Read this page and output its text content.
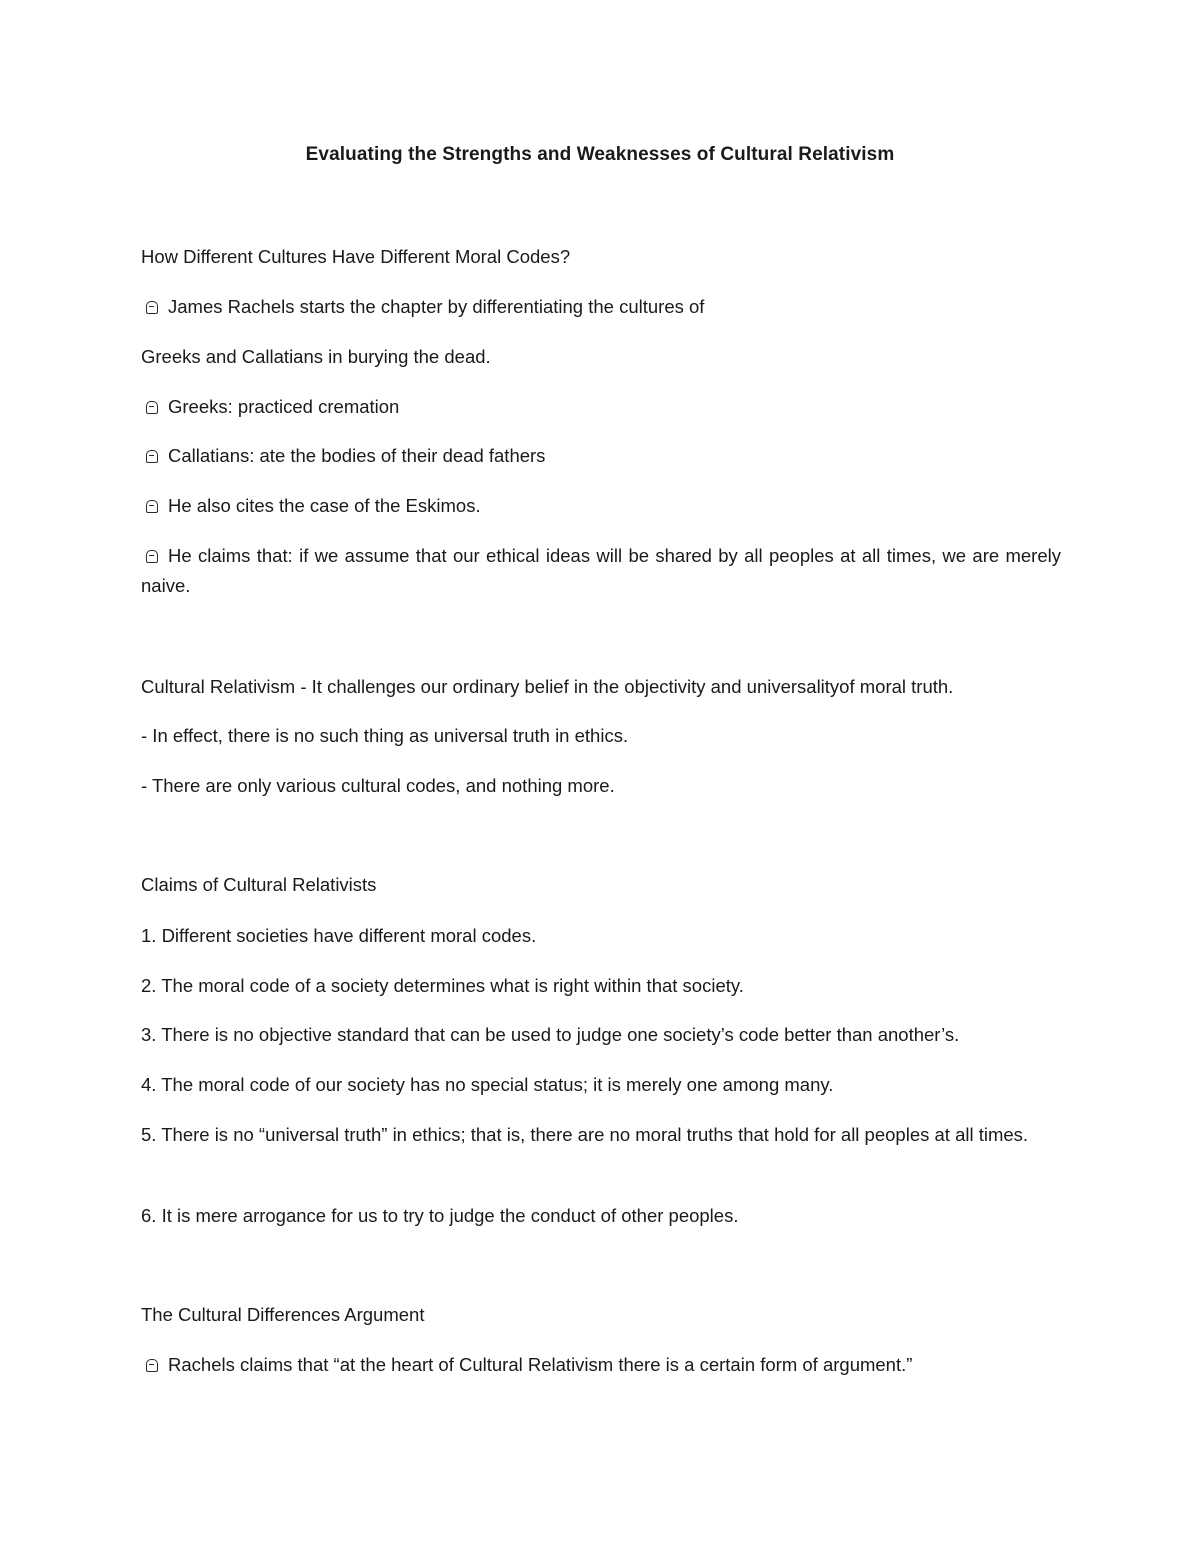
Evaluating the Strengths and Weaknesses of Cultural Relativism
How Different Cultures Have Different Moral Codes?
James Rachels starts the chapter by differentiating the cultures of
Greeks and Callatians in burying the dead.
Greeks: practiced cremation
Callatians: ate the bodies of their dead fathers
He also cites the case of the Eskimos.
He claims that: if we assume that our ethical ideas will be shared by all peoples at all times, we are merely naive.
Cultural Relativism - It challenges our ordinary belief in the objectivity and universalityof moral truth.
- In effect, there is no such thing as universal truth in ethics.
- There are only various cultural codes, and nothing more.
Claims of Cultural Relativists
1. Different societies have different moral codes.
2. The moral code of a society determines what is right within that society.
3. There is no objective standard that can be used to judge one society’s code better than another’s.
4. The moral code of our society has no special status; it is merely one among many.
5. There is no “universal truth” in ethics; that is, there are no moral truths that hold for all peoples at all times.
6. It is mere arrogance for us to try to judge the conduct of other peoples.
The Cultural Differences Argument
Rachels claims that “at the heart of Cultural Relativism there is a certain form of argument.”
